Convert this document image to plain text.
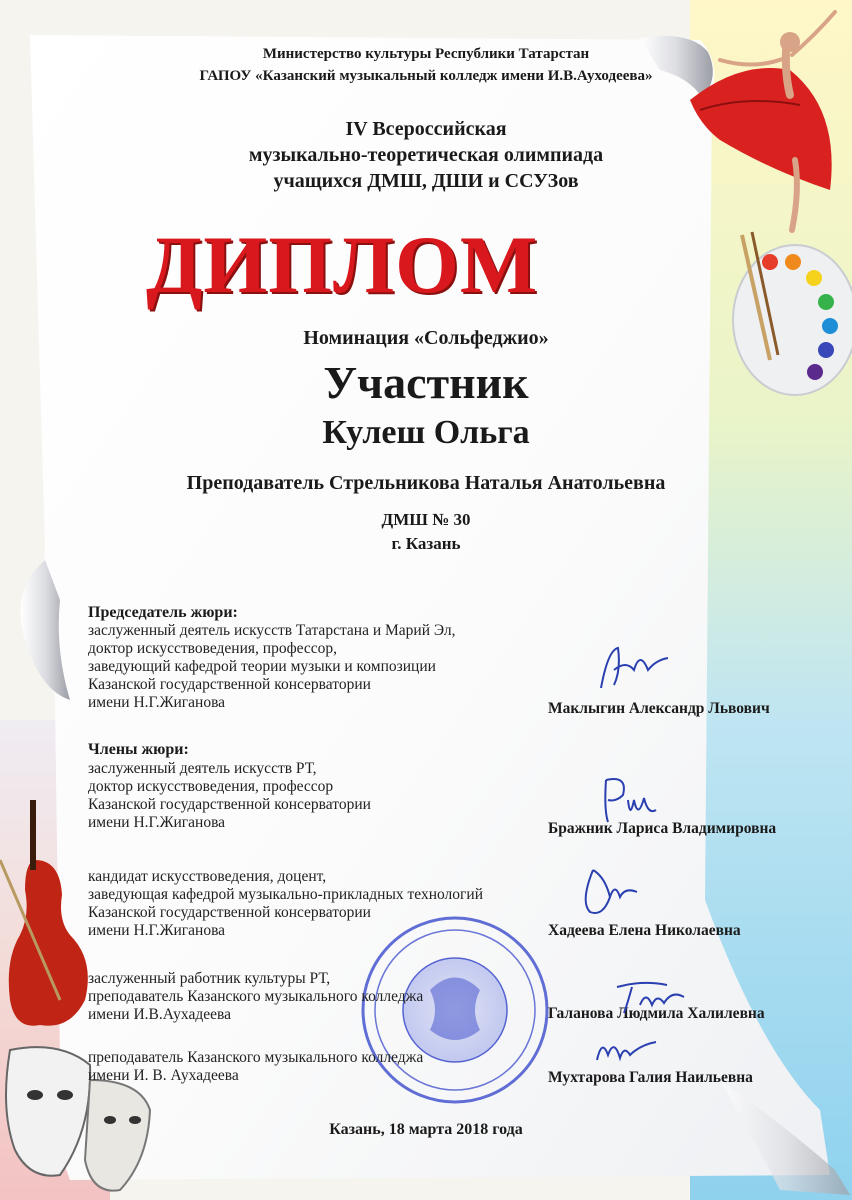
Министерство культуры Республики Татарстан

ГАПОУ «Казанский музыкальный колледж имени И.В.Ауходеева»

IV Всероссийская

музыкально-теоретическая олимпиада

учащихся ДМШ, ДШИ и ССУЗов

ДИПЛОМ

Номинация «Сольфеджио»

Участник

Кулеш Ольга

Преподаватель Стрельникова Наталья Анатольевна

ДМШ № 30

г. Казань

Председатель жюри:

заслуженный деятель искусств Татарстана и Марий Эл,
доктор искусствоведения, профессор,
заведующий кафедрой теории музыки и композиции
Казанской государственной консерватории
имени Н.Г.Жиганова	Маклыгин Александр Львович

Члены жюри:

заслуженный деятель искусств РТ,
доктор искусствоведения, профессор
Казанской государственной консерватории
имени Н.Г.Жиганова	Бражник Лариса Владимировна
кандидат искусствоведения, доцент,
заведующая кафедрой музыкально-прикладных технологий
Казанской государственной консерватории
имени Н.Г.Жиганова	Хадеева Елена Николаевна
заслуженный работник культуры РТ,
преподаватель Казанского музыкального колледжа
имени И.В.Аухадеева	Галанова Людмила Халилевна
преподаватель Казанского музыкального колледжа
имени И. В. Аухадеева	Мухтарова Галия Наильевна

Казань, 18 марта 2018 года
